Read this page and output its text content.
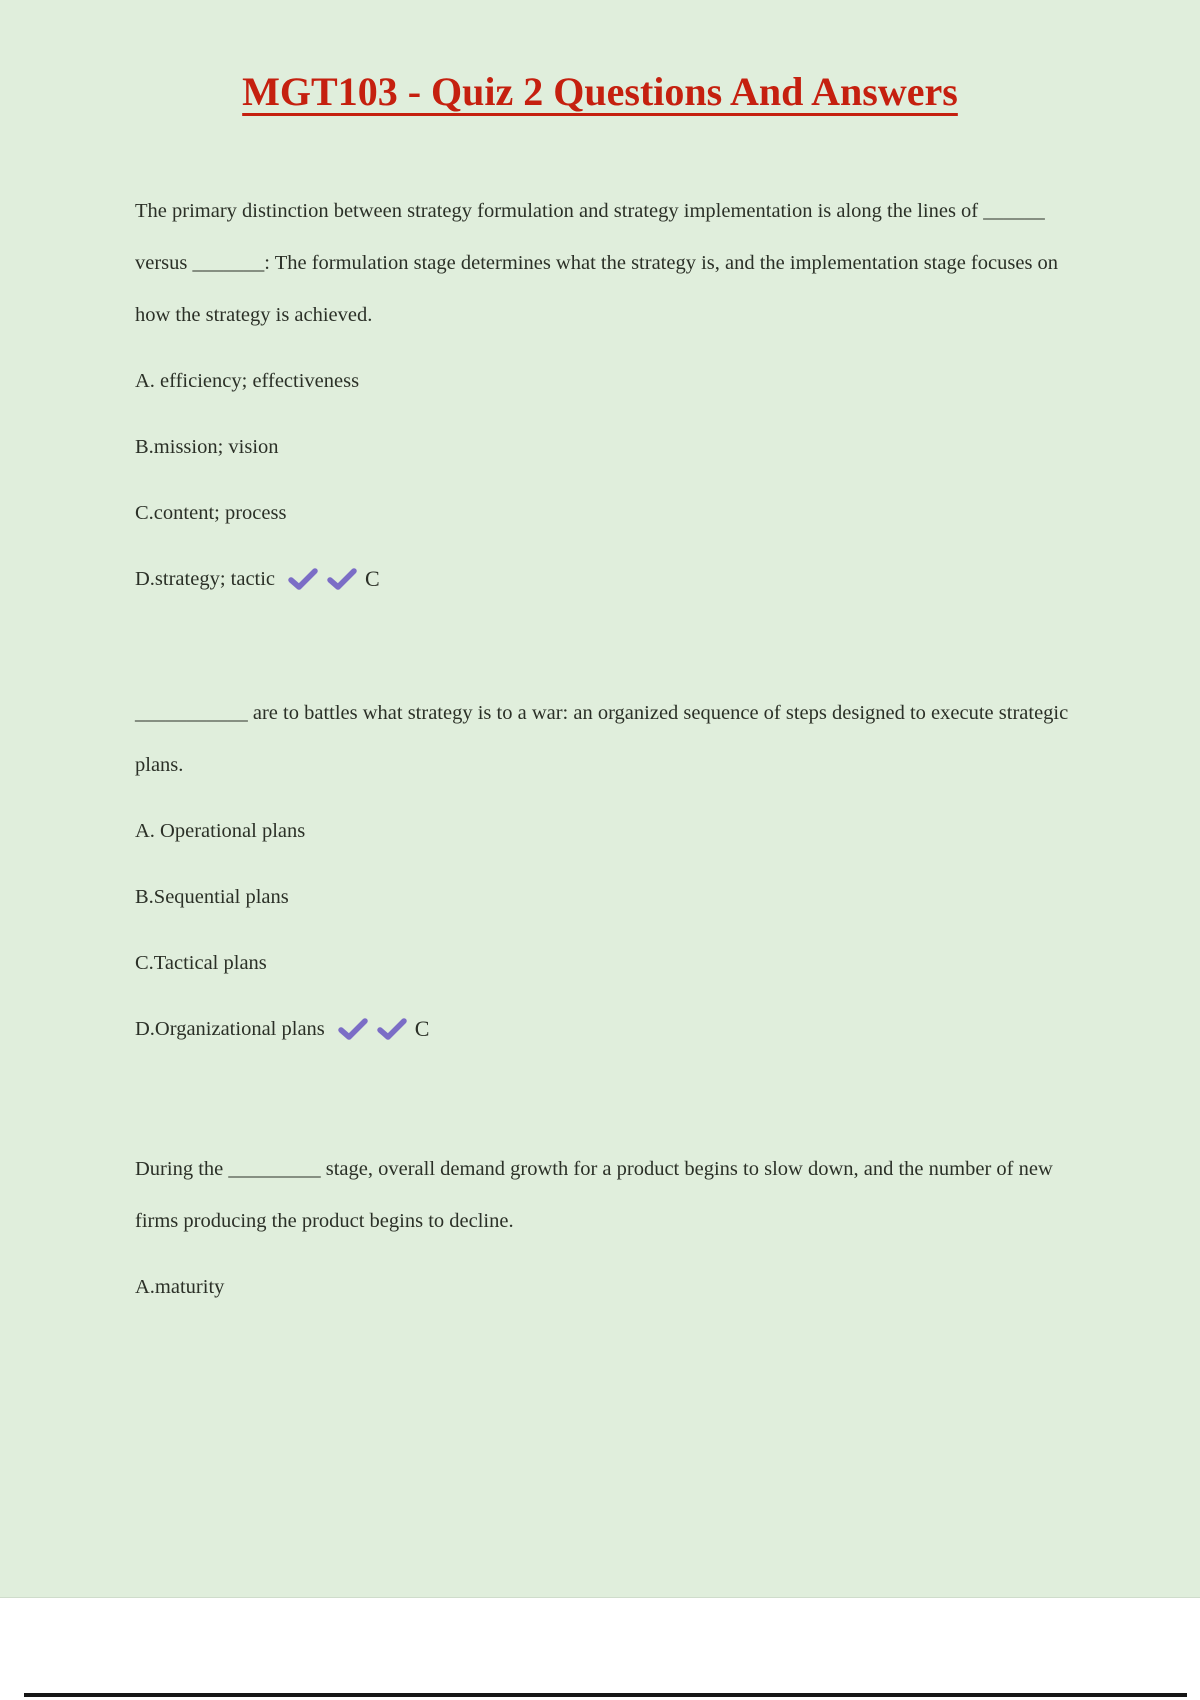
MGT103 - Quiz 2 Questions And Answers

The primary distinction between strategy formulation and strategy implementation is along the lines of ______ versus _______: The formulation stage determines what the strategy is, and the implementation stage focuses on how the strategy is achieved.

A. efficiency; effectiveness
B.mission; vision
C.content; process
D.strategy; tactic	C

___________ are to battles what strategy is to a war: an organized sequence of steps designed to execute strategic plans.

A. Operational plans
B.Sequential plans
C.Tactical plans
D.Organizational plans	C

During the _________ stage, overall demand growth for a product begins to slow down, and the number of new firms producing the product begins to decline.

A.maturity
